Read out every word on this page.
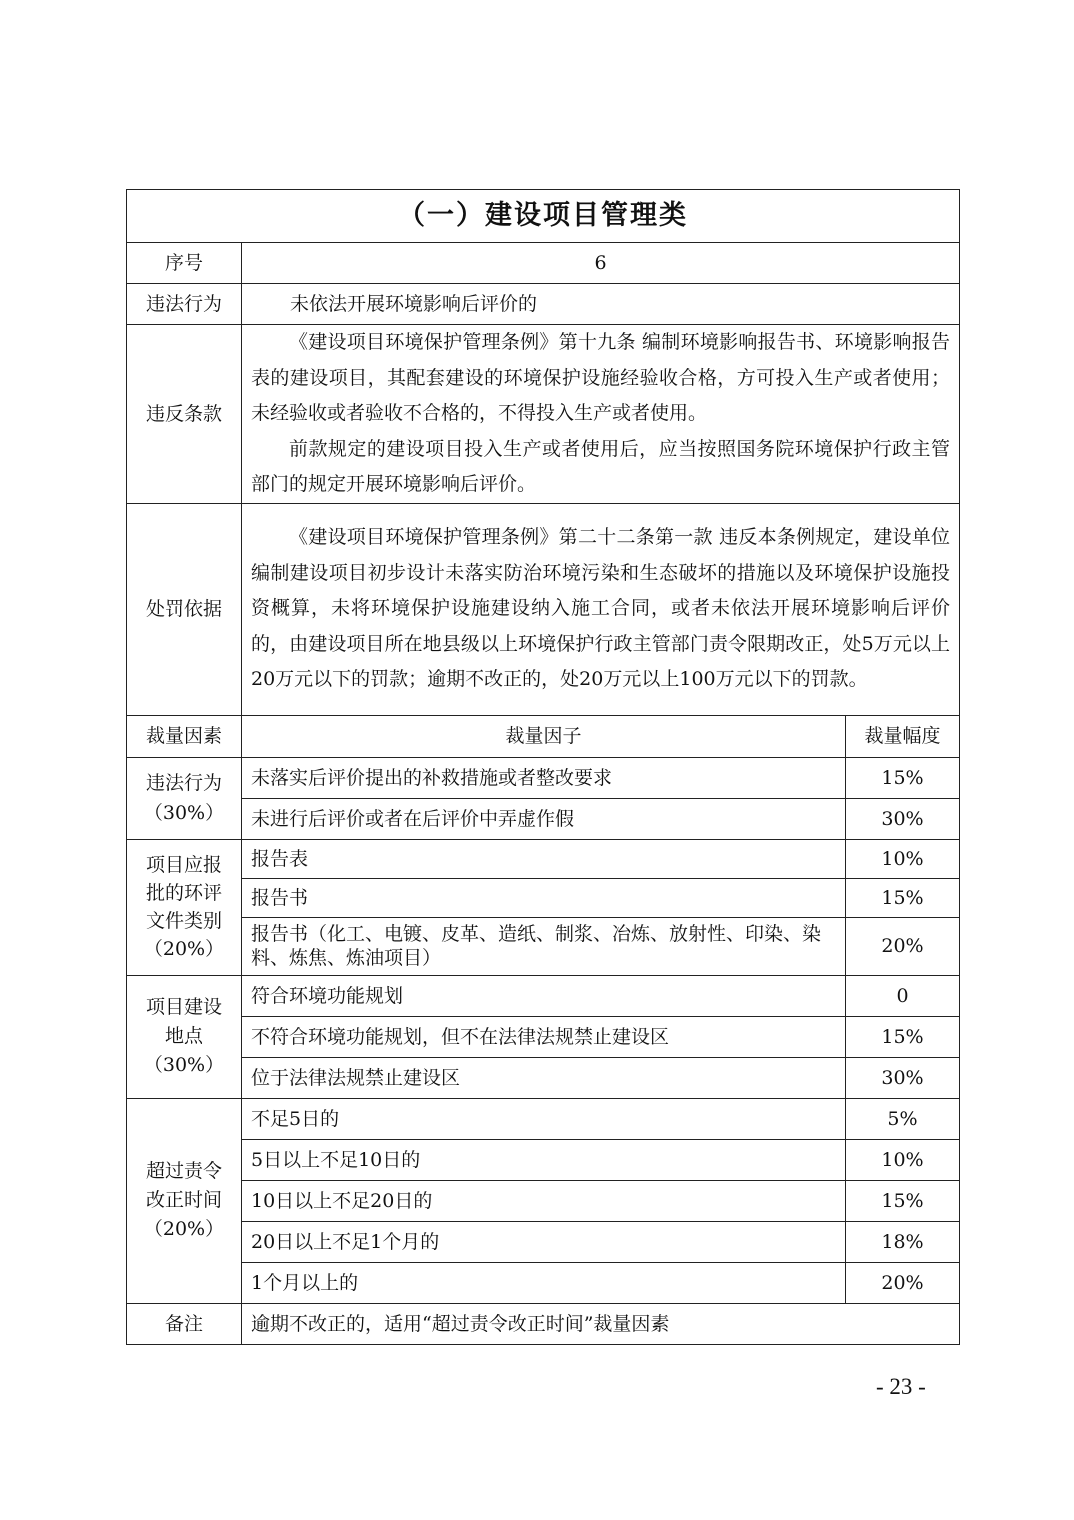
（一）建设项目管理类		
序号	6	
违法行为	未依法开展环境影响后评价的	
违反条款	《建设项目环境保护管理条例》第十九条 编制环境影响报告书、环境影响报告表的建设项目，其配套建设的环境保护设施经验收合格，方可投入生产或者使用；未经验收或者验收不合格的，不得投入生产或者使用。
前款规定的建设项目投入生产或者使用后，应当按照国务院环境保护行政主管部门的规定开展环境影响后评价。	

处罚依据	《建设项目环境保护管理条例》第二十二条第一款 违反本条例规定，建设单位编制建设项目初步设计未落实防治环境污染和生态破坏的措施以及环境保护设施投资概算，未将环境保护设施建设纳入施工合同，或者未依法开展环境影响后评价的，由建设项目所在地县级以上环境保护行政主管部门责令限期改正，处5万元以上20万元以下的罚款；逾期不改正的，处20万元以上100万元以下的罚款。	

裁量因素	裁量因子	裁量幅度
违法行为（30%）	未落实后评价提出的补救措施或者整改要求	15%
	未进行后评价或者在后评价中弄虚作假	30%
项目应报批的环评文件类别（20%）	报告表	10%
	报告书	15%
	报告书（化工、电镀、皮革、造纸、制浆、冶炼、放射性、印染、染料、炼焦、炼油项目）	20%
项目建设地点（30%）	符合环境功能规划	0
	不符合环境功能规划，但不在法律法规禁止建设区	15%
	位于法律法规禁止建设区	30%
超过责令改正时间（20%）	不足5日的	5%
	5日以上不足10日的	10%
	10日以上不足20日的	15%
	20日以上不足1个月的	18%
	1个月以上的	20%
备注	逾期不改正的，适用“超过责令改正时间”裁量因素	
- 23 -
